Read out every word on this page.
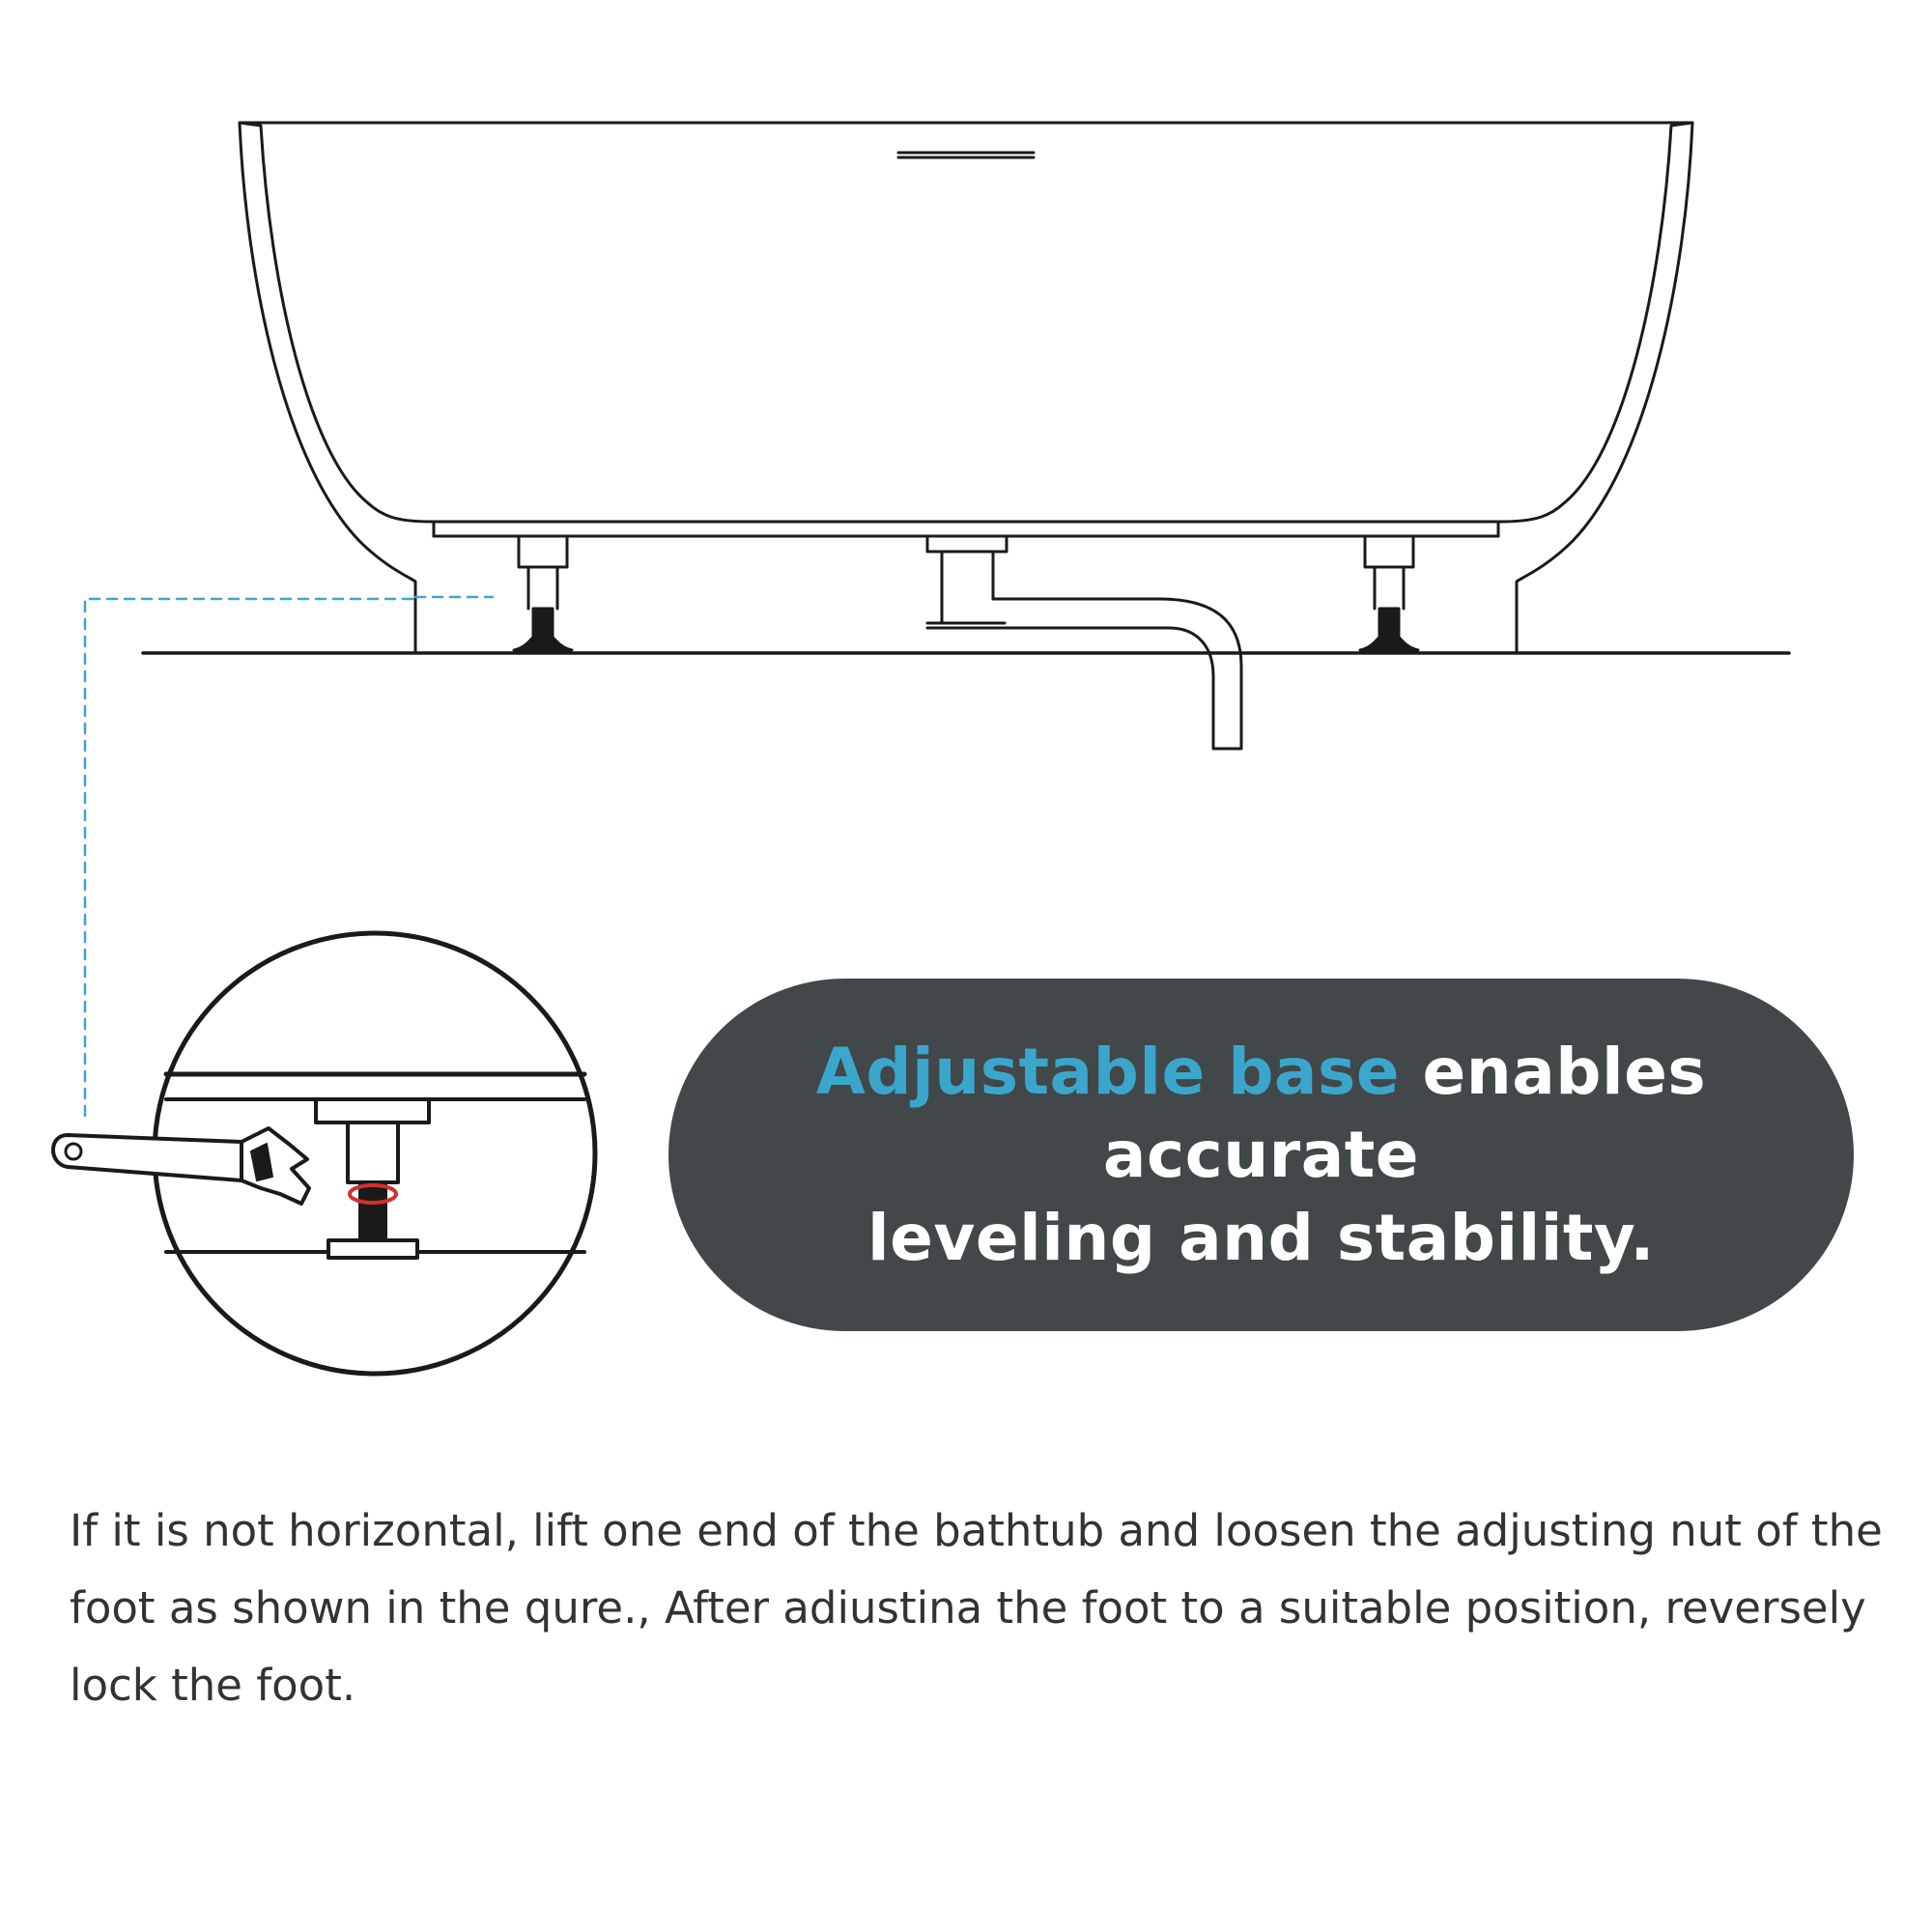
Adjustable base enables accurate
leveling and stability.
If it is not horizontal, lift one end of the bathtub and loosen the adjusting nut of the foot as shown in the qure., After adiustina the foot to a suitable position, reversely lock the foot.
